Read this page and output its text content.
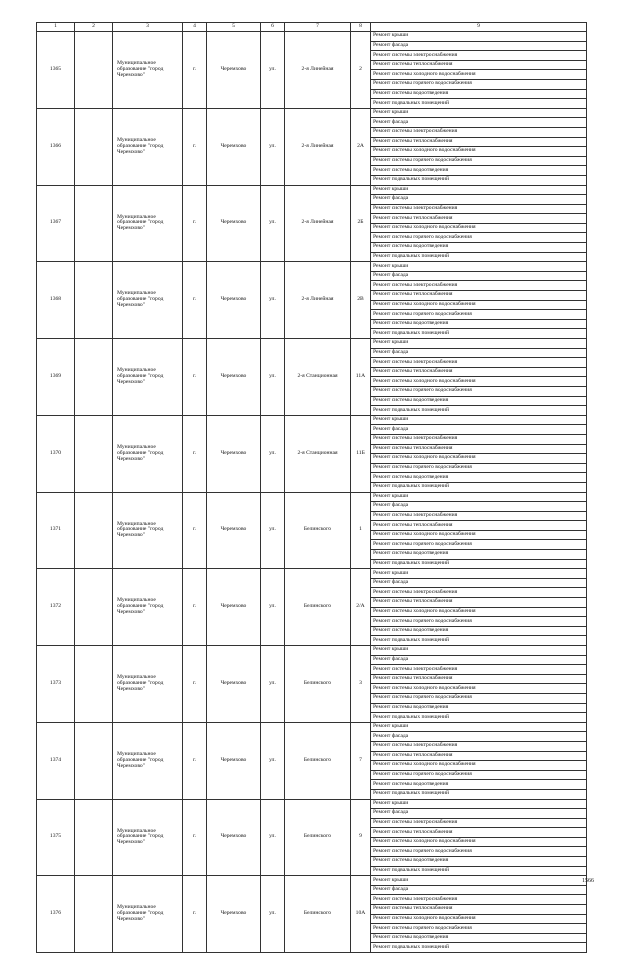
1	2	3	4	5	6	7	8	9
1365		Муниципальное образование "город Черемхово"	г.	Черемхово	ул.	2-я Линейная	2	Ремонт крыши
								Ремонт фасада
								Ремонт системы электроснабжения
								Ремонт системы теплоснабжения
								Ремонт системы холодного водоснабжения
								Ремонт системы горячего водоснабжения
								Ремонт системы водоотведения
								Ремонт подвальных помещений
1366		Муниципальное образование "город Черемхово"	г.	Черемхово	ул.	2-я Линейная	2А	Ремонт крыши
								Ремонт фасада
								Ремонт системы электроснабжения
								Ремонт системы теплоснабжения
								Ремонт системы холодного водоснабжения
								Ремонт системы горячего водоснабжения
								Ремонт системы водоотведения
								Ремонт подвальных помещений
1367		Муниципальное образование "город Черемхово"	г.	Черемхово	ул.	2-я Линейная	2Б	Ремонт крыши
								Ремонт фасада
								Ремонт системы электроснабжения
								Ремонт системы теплоснабжения
								Ремонт системы холодного водоснабжения
								Ремонт системы горячего водоснабжения
								Ремонт системы водоотведения
								Ремонт подвальных помещений
1368		Муниципальное образование "город Черемхово"	г.	Черемхово	ул.	2-я Линейная	2В	Ремонт крыши
								Ремонт фасада
								Ремонт системы электроснабжения
								Ремонт системы теплоснабжения
								Ремонт системы холодного водоснабжения
								Ремонт системы горячего водоснабжения
								Ремонт системы водоотведения
								Ремонт подвальных помещений
1369		Муниципальное образование "город Черемхово"	г.	Черемхово	ул.	2-я Станционная	11А	Ремонт крыши
								Ремонт фасада
								Ремонт системы электроснабжения
								Ремонт системы теплоснабжения
								Ремонт системы холодного водоснабжения
								Ремонт системы горячего водоснабжения
								Ремонт системы водоотведения
								Ремонт подвальных помещений
1370		Муниципальное образование "город Черемхово"	г.	Черемхово	ул.	2-я Станционная	11Б	Ремонт крыши
								Ремонт фасада
								Ремонт системы электроснабжения
								Ремонт системы теплоснабжения
								Ремонт системы холодного водоснабжения
								Ремонт системы горячего водоснабжения
								Ремонт системы водоотведения
								Ремонт подвальных помещений
1371		Муниципальное образование "город Черемхово"	г.	Черемхово	ул.	Белинского	1	Ремонт крыши
								Ремонт фасада
								Ремонт системы электроснабжения
								Ремонт системы теплоснабжения
								Ремонт системы холодного водоснабжения
								Ремонт системы горячего водоснабжения
								Ремонт системы водоотведения
								Ремонт подвальных помещений
1372		Муниципальное образование "город Черемхово"	г.	Черемхово	ул.	Белинского	2/А	Ремонт крыши
								Ремонт фасада
								Ремонт системы электроснабжения
								Ремонт системы теплоснабжения
								Ремонт системы холодного водоснабжения
								Ремонт системы горячего водоснабжения
								Ремонт системы водоотведения
								Ремонт подвальных помещений
1373		Муниципальное образование "город Черемхово"	г.	Черемхово	ул.	Белинского	3	Ремонт крыши
								Ремонт фасада
								Ремонт системы электроснабжения
								Ремонт системы теплоснабжения
								Ремонт системы холодного водоснабжения
								Ремонт системы горячего водоснабжения
								Ремонт системы водоотведения
								Ремонт подвальных помещений
1374		Муниципальное образование "город Черемхово"	г.	Черемхово	ул.	Белинского	7	Ремонт крыши
								Ремонт фасада
								Ремонт системы электроснабжения
								Ремонт системы теплоснабжения
								Ремонт системы холодного водоснабжения
								Ремонт системы горячего водоснабжения
								Ремонт системы водоотведения
								Ремонт подвальных помещений
1375		Муниципальное образование "город Черемхово"	г.	Черемхово	ул.	Белинского	9	Ремонт крыши
								Ремонт фасада
								Ремонт системы электроснабжения
								Ремонт системы теплоснабжения
								Ремонт системы холодного водоснабжения
								Ремонт системы горячего водоснабжения
								Ремонт системы водоотведения
								Ремонт подвальных помещений
1376		Муниципальное образование "город Черемхово"	г.	Черемхово	ул.	Белинского	10А	Ремонт крыши
								Ремонт фасада
								Ремонт системы электроснабжения
								Ремонт системы теплоснабжения
								Ремонт системы холодного водоснабжения
								Ремонт системы горячего водоснабжения
								Ремонт системы водоотведения
								Ремонт подвальных помещений
1566
